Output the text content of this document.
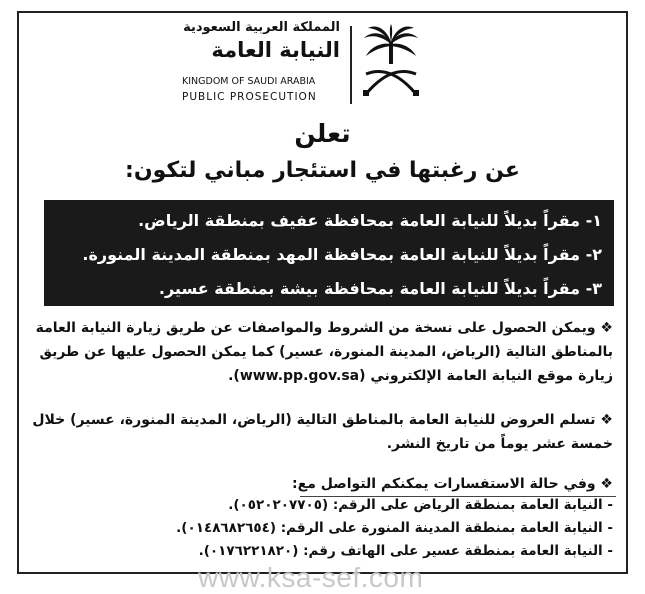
المملكة العربية السعودية
النيابة العامة
KINGDOM OF SAUDI ARABIA
PUBLIC PROSECUTION
تعلن
عن رغبتها في استئجار مباني لتكون:
١- مقراً بديلاً للنيابة العامة بمحافظة عفيف بمنطقة الرياض.
٢- مقراً بديلاً للنيابة العامة بمحافظة المهد بمنطقة المدينة المنورة.
٣- مقراً بديلاً للنيابة العامة بمحافظة بيشة بمنطقة عسير.
❖ ويمكن الحصول على نسخة من الشروط والمواصفات عن طريق زيارة النيابة العامة بالمناطق التالية (الرياض، المدينة المنورة، عسير) كما يمكن الحصول عليها عن طريق زيارة موقع النيابة العامة الإلكتروني (www.pp.gov.sa).
❖ تسلم العروض للنيابة العامة بالمناطق التالية (الرياض، المدينة المنورة، عسير) خلال خمسة عشر يوماً من تاريخ النشر.
❖ وفي حالة الاستفسارات يمكنكم التواصل مع:
- النيابة العامة بمنطقة الرياض على الرقم: (٠٥٢٠٢٠٧٧٠٥).
- النيابة العامة بمنطقة المدينة المنورة على الرقم: (٠١٤٨٦٨٢٦٥٤).
- النيابة العامة بمنطقة عسير على الهاتف رقم: (٠١٧٦٢٢١٨٢٠).
www.ksa-sef.com
